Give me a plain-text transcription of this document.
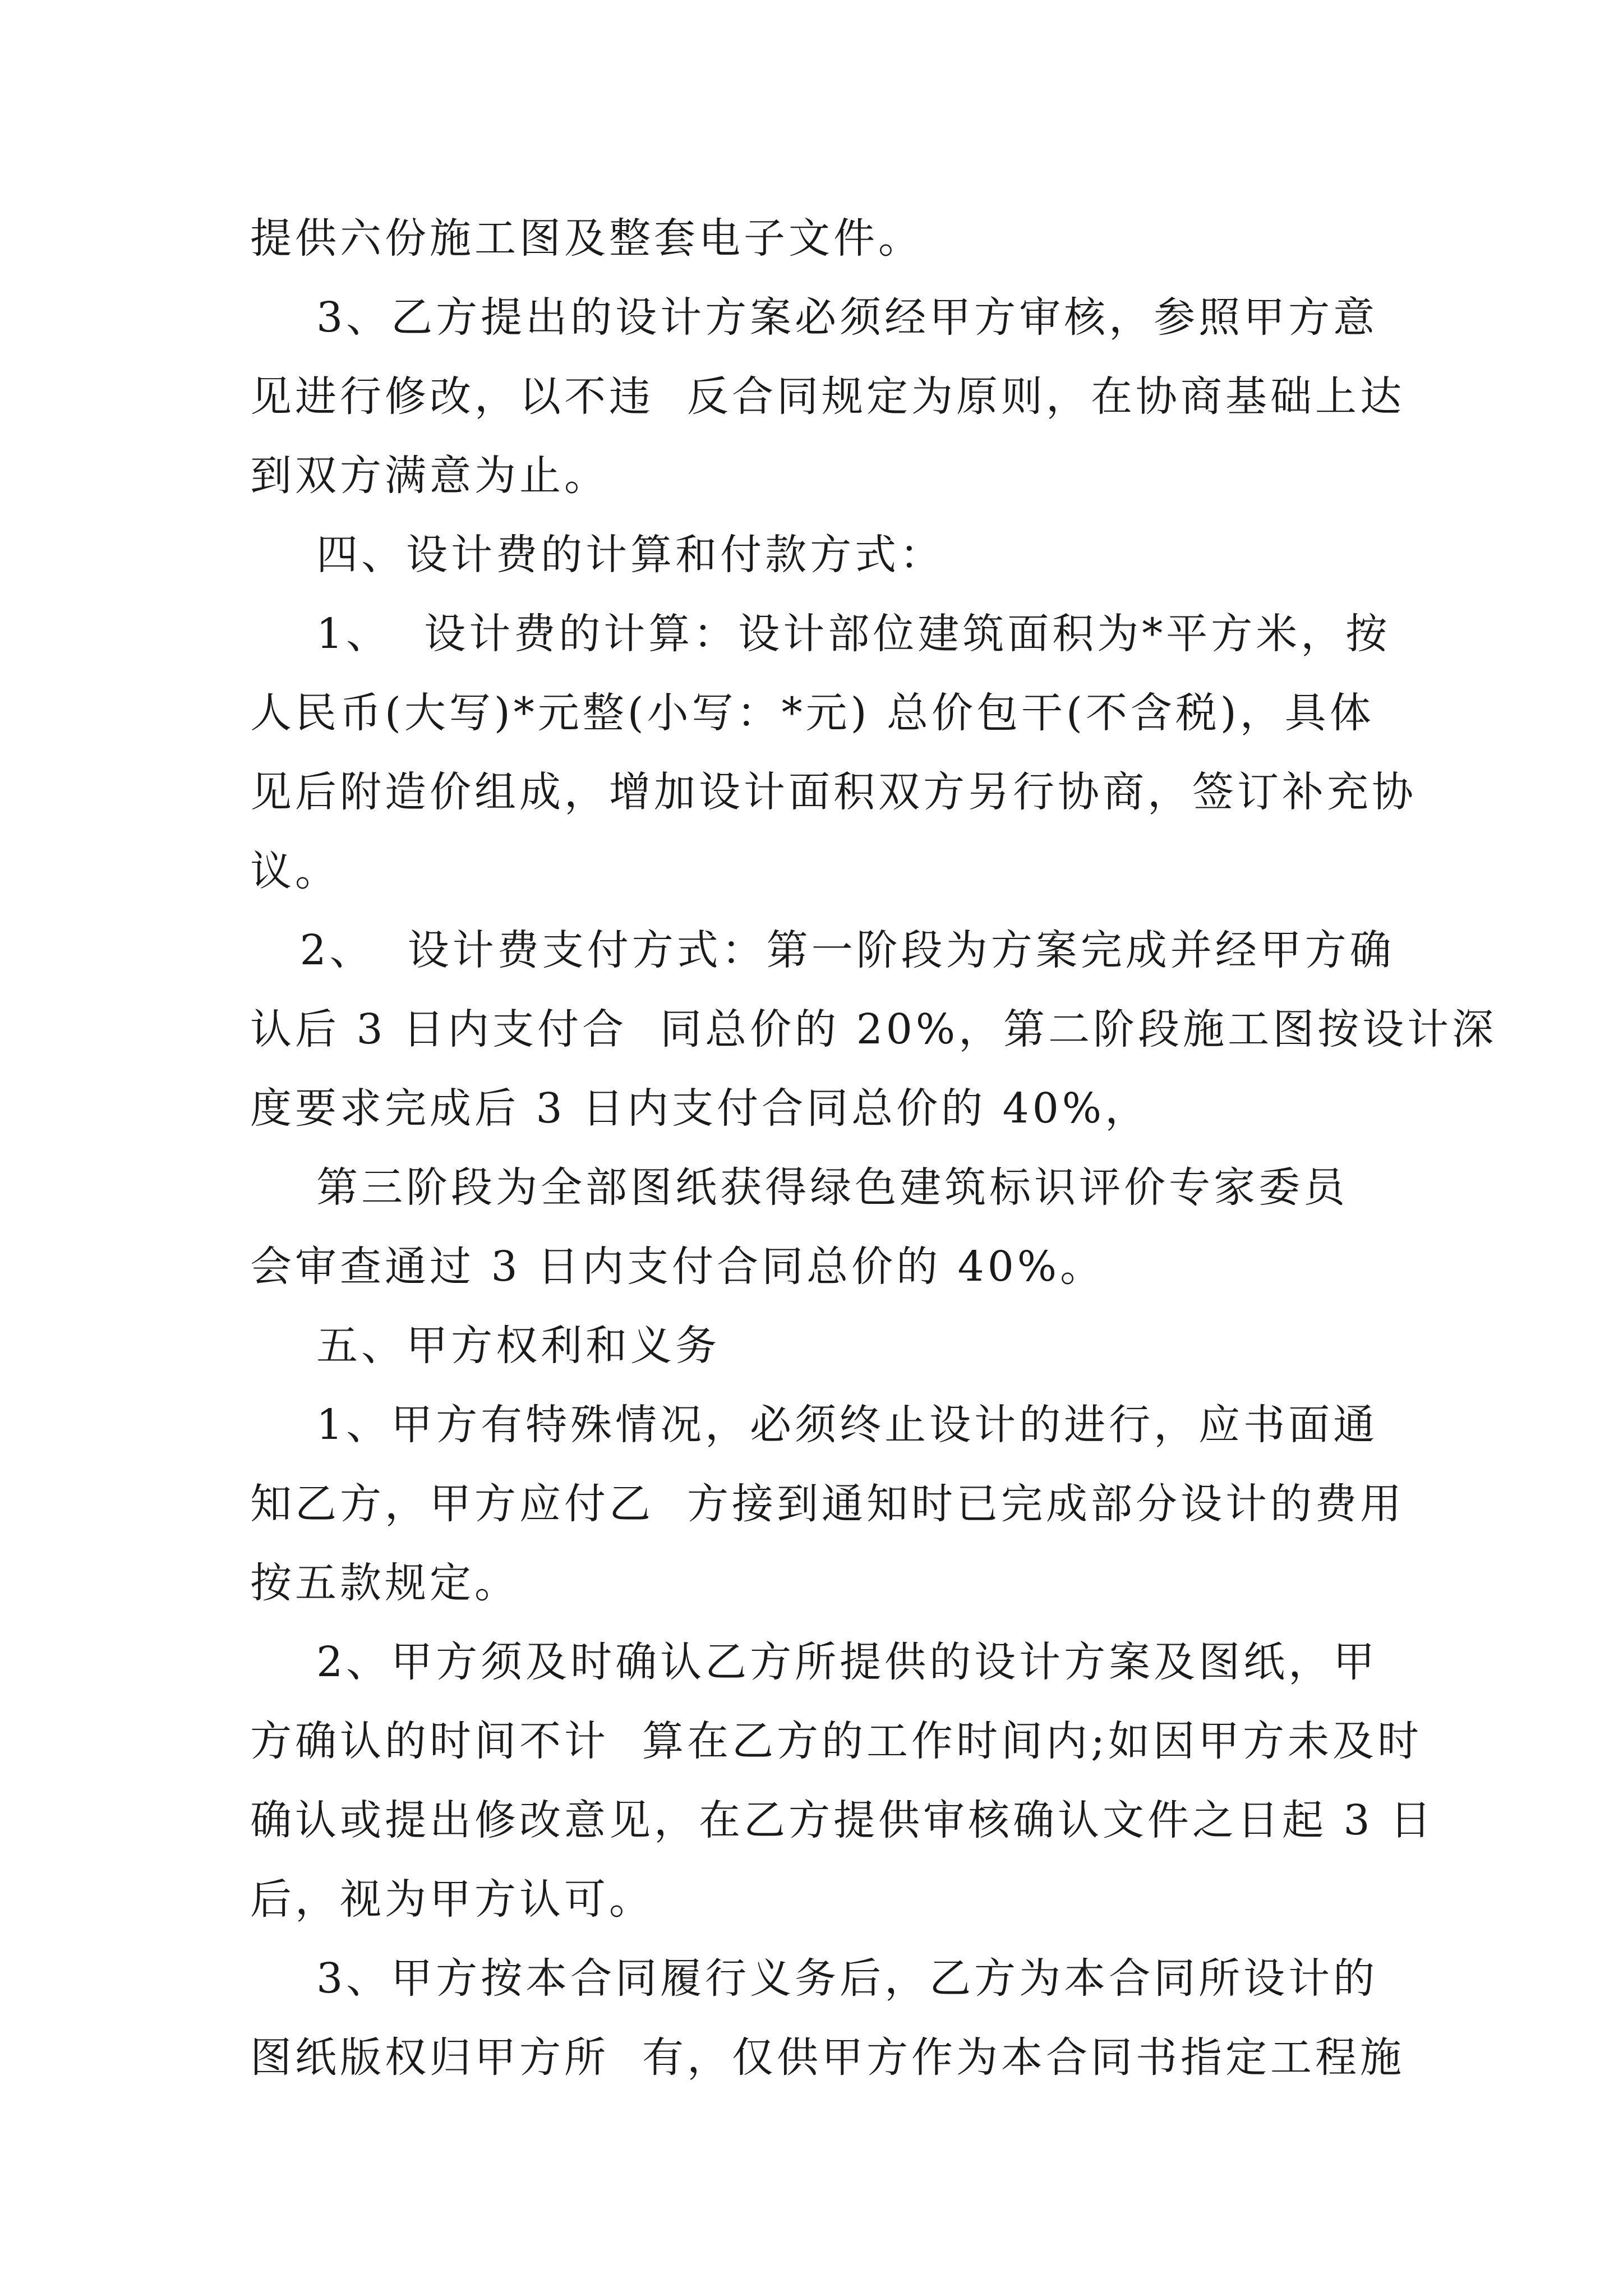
提供六份施工图及整套电子文件。
3、乙方提出的设计方案必须经甲方审核，参照甲方意
见进行修改，以不违  反合同规定为原则，在协商基础上达
到双方满意为止。
四、设计费的计算和付款方式：
1、  设计费的计算：设计部位建筑面积为*平方米，按
人民币(大写)*元整(小写：*元) 总价包干(不含税)，具体
见后附造价组成，增加设计面积双方另行协商，签订补充协
议。
2、  设计费支付方式：第一阶段为方案完成并经甲方确
认后 3 日内支付合  同总价的 20%，第二阶段施工图按设计深
度要求完成后 3 日内支付合同总价的 40%，
第三阶段为全部图纸获得绿色建筑标识评价专家委员
会审查通过 3 日内支付合同总价的 40%。
五、甲方权利和义务
1、甲方有特殊情况，必须终止设计的进行，应书面通
知乙方，甲方应付乙  方接到通知时已完成部分设计的费用
按五款规定。
2、甲方须及时确认乙方所提供的设计方案及图纸，甲
方确认的时间不计  算在乙方的工作时间内;如因甲方未及时
确认或提出修改意见，在乙方提供审核确认文件之日起 3 日
后，视为甲方认可。
3、甲方按本合同履行义务后，乙方为本合同所设计的
图纸版权归甲方所  有，仅供甲方作为本合同书指定工程施
